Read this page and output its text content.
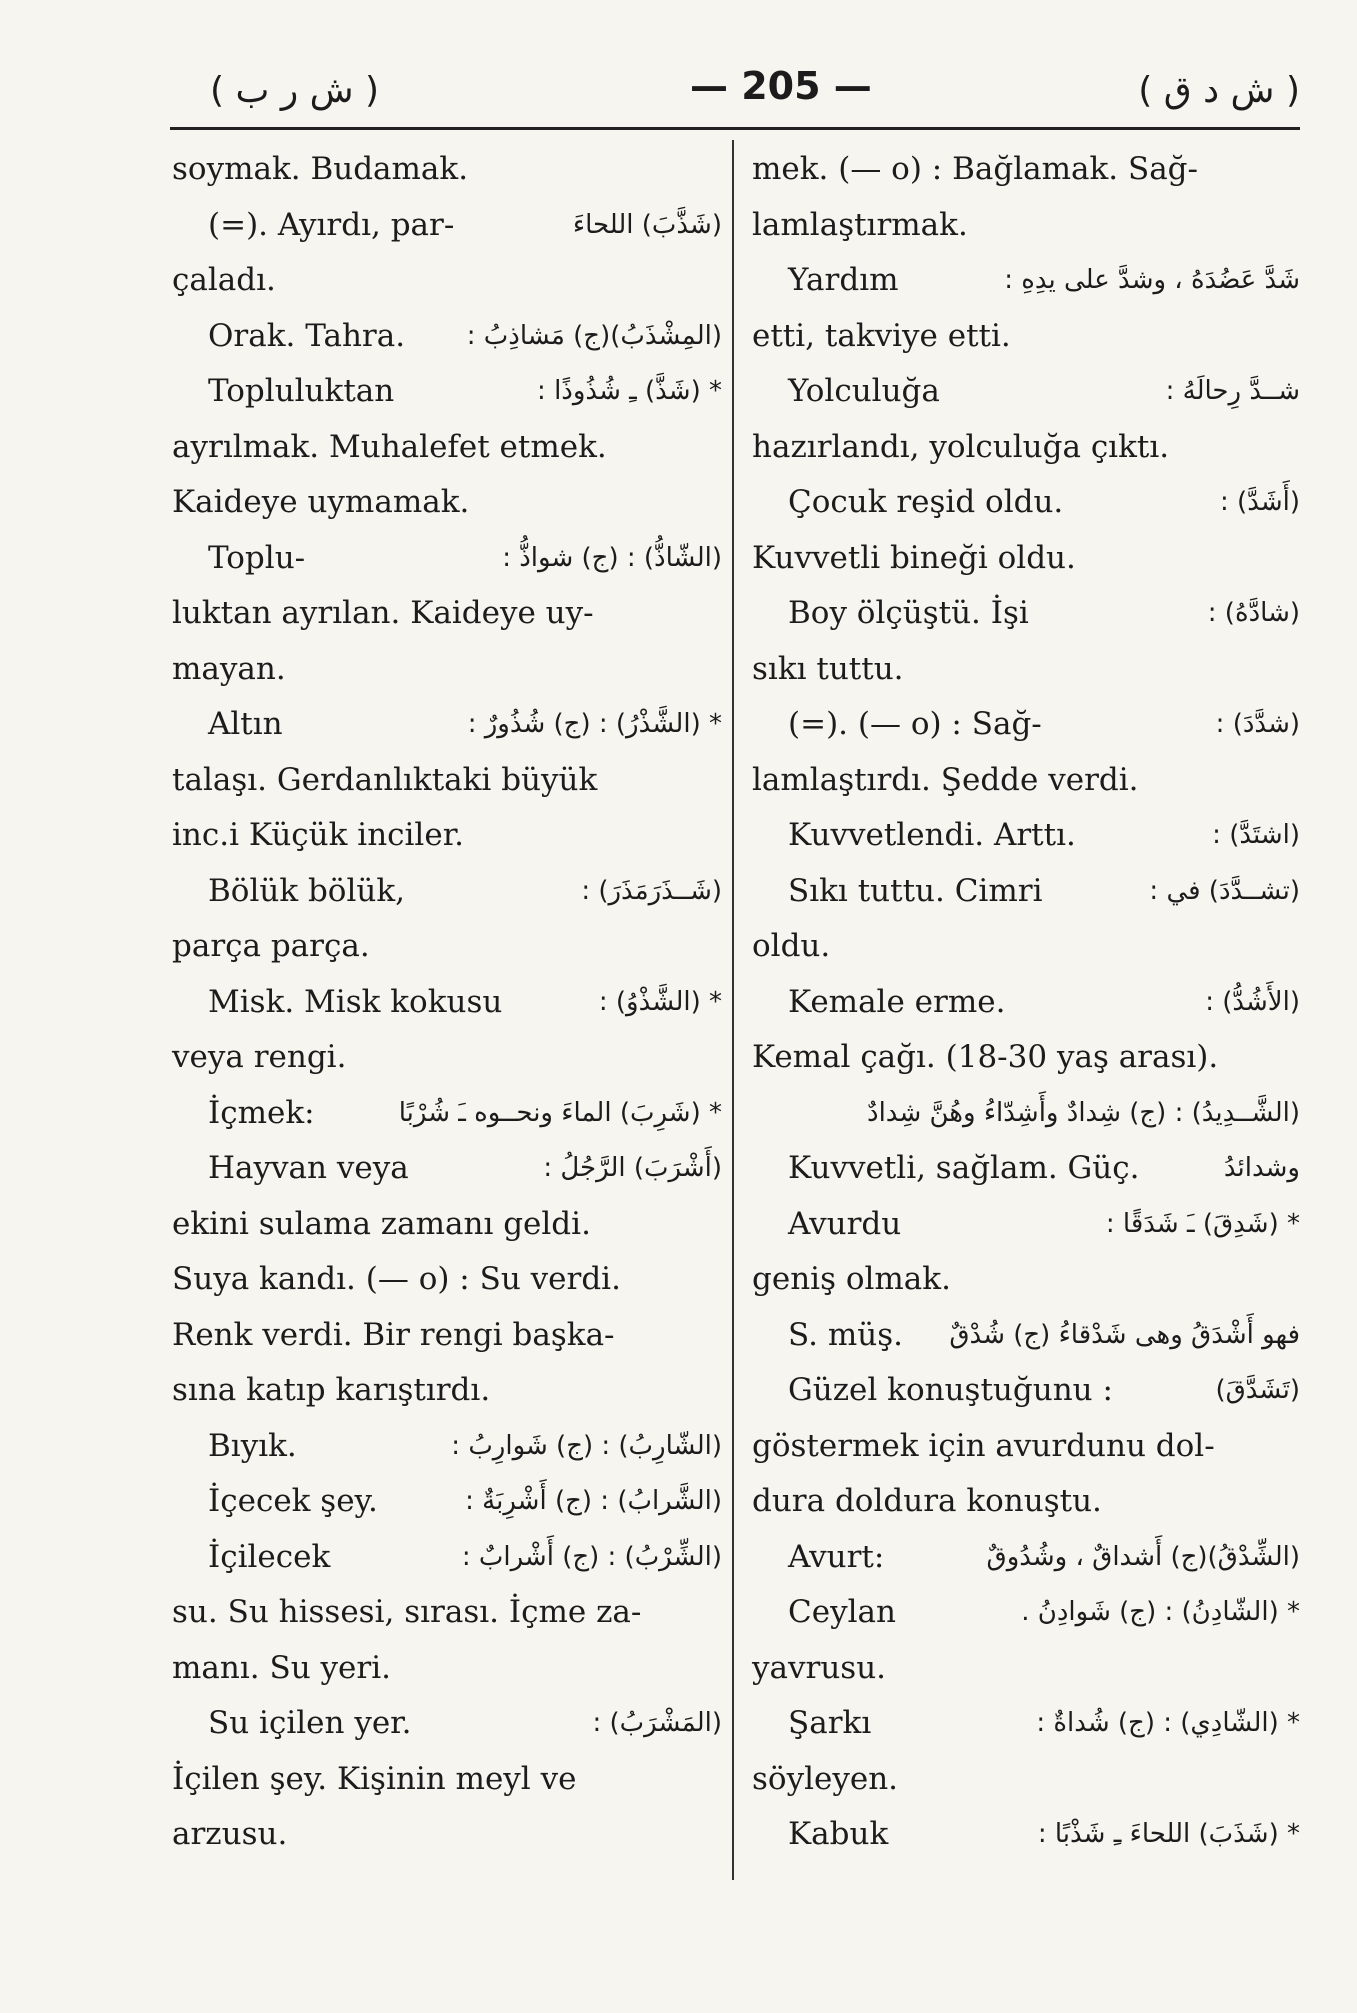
( ش ر ب )	— 205 —	( ش د ق )
soymak. Budamak.
(=). Ayırdı, par-	(شَذَّبَ) اللحاءَ
çaladı.
Orak. Tahra. (المِشْذَبُ)(ج) مَشاذِبُ :
Topluluktan	* (شَذَّ) ـِ شُذُوذًا :
ayrılmak. Muhalefet etmek.
Kaideye uymamak.
Toplu-	(الشّاذُّ) : (ج) شواذُّ :
luktan ayrılan. Kaideye uy-
mayan.
Altın	* (الشَّذْرُ) : (ج) شُذُورٌ :
talaşı. Gerdanlıktaki büyük
inc.i Küçük inciler.
Bölük bölük,	(شَــذَرَمَذَرَ) :
parça parça.
Misk. Misk kokusu	* (الشَّذْوُ) :
veya rengi.
İçmek:	* (شَرِبَ) الماءَ ونحــوه ـَ شُرْبًا
Hayvan veya	(أَشْرَبَ) الرَّجُلُ :
ekini sulama zamanı geldi.
Suya kandı. (— o) : Su verdi.
Renk verdi. Bir rengi başka-
sına katıp karıştırdı.
Bıyık.	(الشّارِبُ) : (ج) شَوارِبُ :
İçecek şey.	(الشَّرابُ) : (ج) أَشْرِبَةٌ :
İçilecek	(الشِّرْبُ) : (ج) أَشْرابٌ :
su. Su hissesi, sırası. İçme za-
manı. Su yeri.
Su içilen yer.	(المَشْرَبُ) :
İçilen şey. Kişinin meyl ve
arzusu.
mek. (— o) : Bağlamak. Sağ-
lamlaştırmak.
Yardım	شَدَّ عَضُدَهُ ، وشدَّ على يدِهِ :
etti, takviye etti.
Yolculuğa	شــدَّ رِحالَهُ :
hazırlandı, yolculuğa çıktı.
Çocuk reşid oldu.	(أَشَدَّ) :
Kuvvetli bineği oldu.
Boy ölçüştü. İşi	(شادَّهُ) :
sıkı tuttu.
(=). (— o) : Sağ-	(شدَّدَ) :
lamlaştırdı. Şedde verdi.
Kuvvetlendi. Arttı.	(اشتَدَّ) :
Sıkı tuttu. Cimri	(تشــدَّدَ) في :
oldu.
Kemale erme.	(الأَشُدُّ) :
Kemal çağı. (18-30 yaş arası).
(الشَّــدِيدُ) : (ج) شِدادٌ وأَشِدّاءُ وهُنَّ شِدادٌ
Kuvvetli, sağlam. Güç.	وشدائدُ
Avurdu	* (شَدِقَ) ـَ شَدَقًا :
geniş olmak.
S. müş. فهو أَشْدَقُ وهى شَدْقاءُ (ج) شُدْقٌ
Güzel konuştuğunu :	(تَشَدَّقَ)
göstermek için avurdunu dol-
dura doldura konuştu.
Avurt:	(الشِّدْقُ)(ج) أَشداقٌ ، وشُدُوقٌ
Ceylan	* (الشّادِنُ) : (ج) شَوادِنُ .
yavrusu.
Şarkı	* (الشّادِي) : (ج) شُداةٌ :
söyleyen.
Kabuk	* (شَذَبَ) اللحاءَ ـِ شَذْبًا :
